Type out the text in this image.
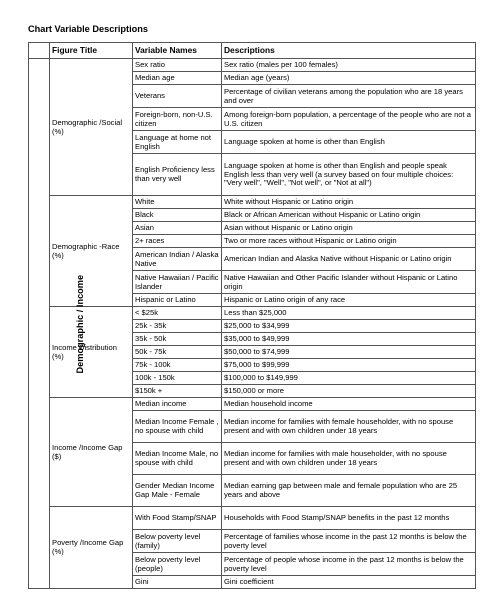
Chart Variable Descriptions
	Figure Title	Variable Names	Descriptions
Demographic / Income	Demographic /Social (%)	Sex ratio	Sex ratio (males per 100 females)
		Median age	Median age (years)
		Veterans	Percentage of civilian veterans among the population who are 18 years and over
		Foreign-born, non-U.S. citizen	Among foreign-born population, a percentage of the people who are not a U.S. citizen
		Language at home not English	Language spoken at home is other than English
		English Proficiency less than very well	Language spoken at home is other than English and people speak English less than very well (a survey based on four multiple choices: "Very well", "Well", "Not well", or "Not at all")
	Demographic -Race (%)	White	White without Hispanic or Latino origin
		Black	Black or African American without Hispanic or Latino origin
		Asian	Asian without Hispanic or Latino origin
		2+ races	Two or more races without Hispanic or Latino origin
		American Indian / Alaska Native	American Indian and Alaska Native without Hispanic or Latino origin
		Native Hawaiian / Pacific Islander	Native Hawaiian and Other Pacific Islander without Hispanic or Latino origin
		Hispanic or Latino	Hispanic or Latino origin of any race
	Income Distribution (%)	< $25k	Less than $25,000
		25k - 35k	$25,000 to $34,999
		35k - 50k	$35,000 to $49,999
		50k - 75k	$50,000 to $74,999
		75k - 100k	$75,000 to $99,999
		100k - 150k	$100,000 to $149,999
		$150k +	$150,000 or more
	Income /Income Gap ($)	Median income	Median household income
		Median Income Female , no spouse with child	Median income for families with female householder, with no spouse present and with own children under 18 years
		Median Income Male, no spouse with child	Median income for families with male householder, with no spouse present and with own children under 18 years
		Gender Median Income Gap Male - Female	Median earning gap between male and female population who are 25 years and above
	Poverty /Income Gap (%)	With Food Stamp/SNAP	Households with Food Stamp/SNAP benefits in the past 12 months
		Below poverty level (family)	Percentage of families whose income in the past 12 months is below the poverty level
		Below poverty level (people)	Percentage of people whose income in the past 12 months is below the poverty level
		Gini	Gini coefficient
